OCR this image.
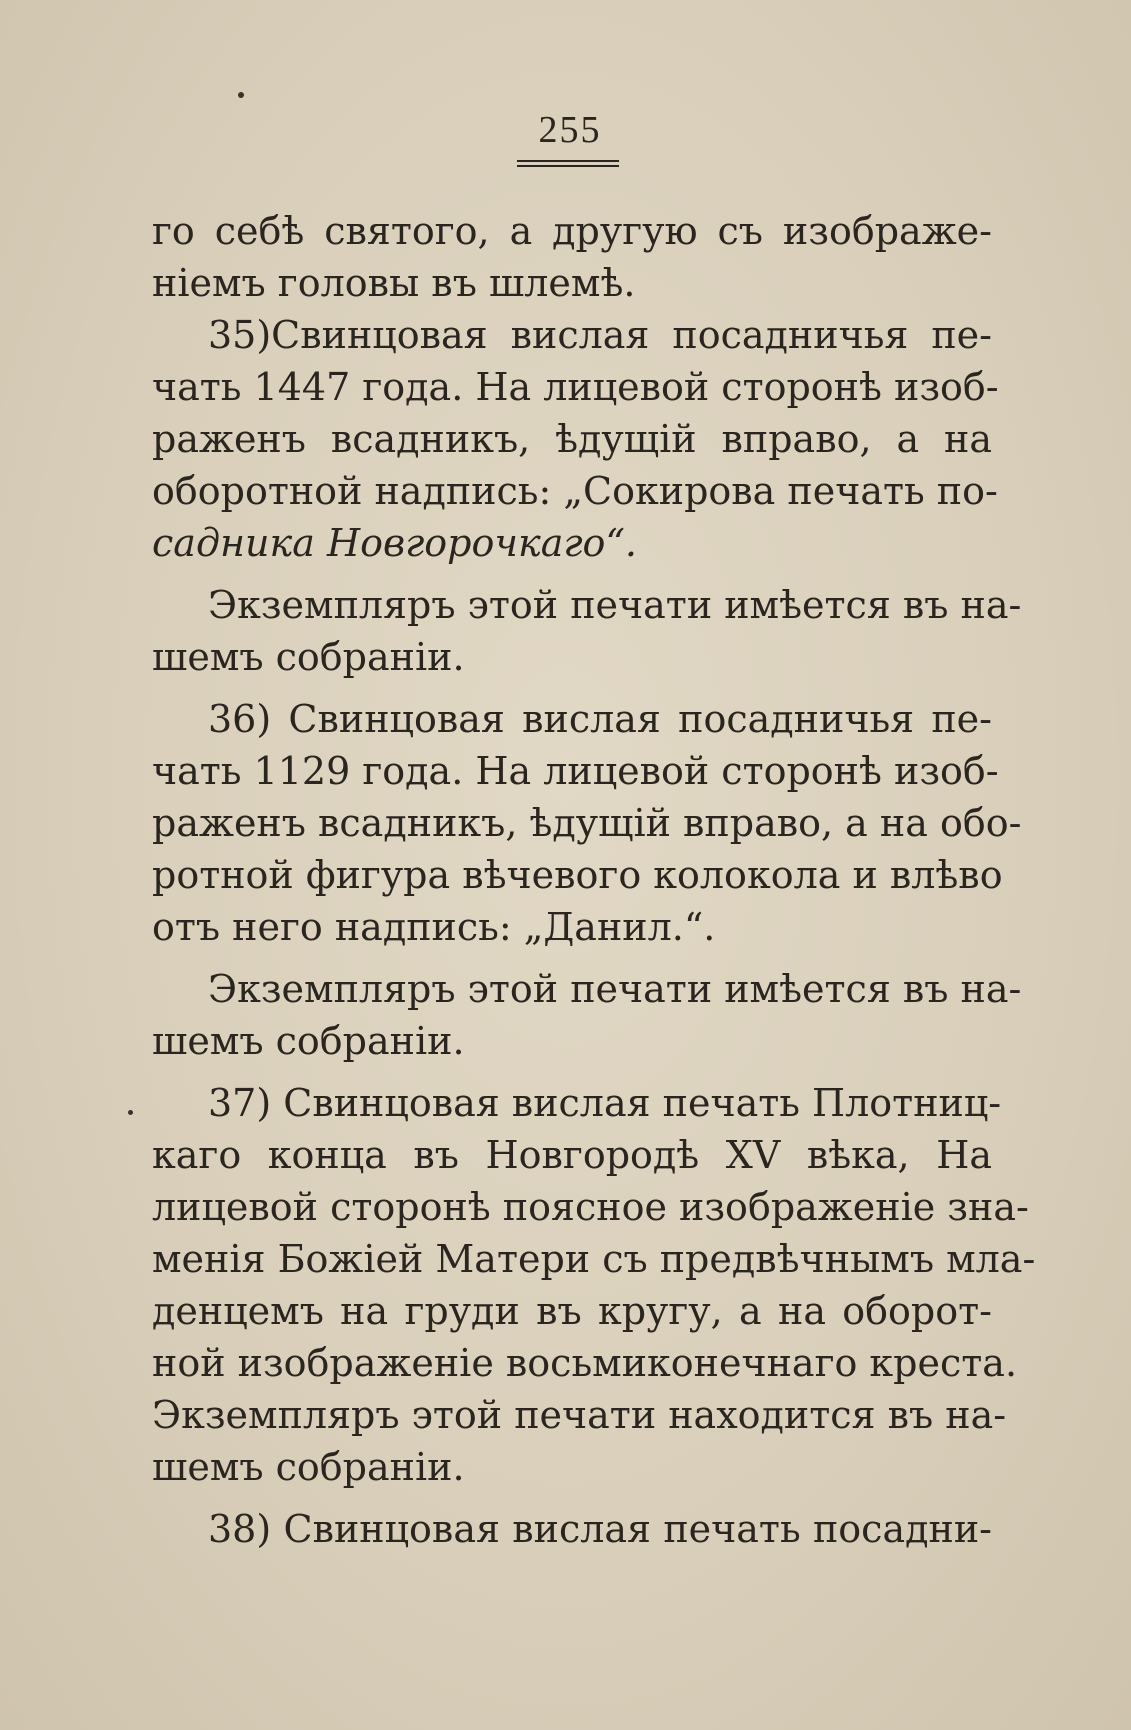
255
го себѣ святого, а другую съ изображе-
ніемъ головы въ шлемѣ.
35)Свинцовая вислая посадничья пе-
чать 1447 года. На лицевой сторонѣ изоб-
раженъ всадникъ, ѣдущій вправо, а на
оборотной надпись: „Сокирова печать по-
садника Новгорочкаго“.
Экземпляръ этой печати имѣется въ на-
шемъ собраніи.
36) Свинцовая вислая посадничья пе-
чать 1129 года. На лицевой сторонѣ изоб-
раженъ всадникъ, ѣдущій вправо, а на обо-
ротной фигура вѣчевого колокола и влѣво
отъ него надпись: „Данил.“.
Экземпляръ этой печати имѣется въ на-
шемъ собраніи.
37) Свинцовая вислая печать Плотниц-
каго конца въ Новгородѣ XV вѣка, На
лицевой сторонѣ поясное изображеніе зна-
менія Божіей Матери съ предвѣчнымъ мла-
денцемъ на груди въ кругу, а на оборот-
ной изображеніе восьмиконечнаго креста.
Экземпляръ этой печати находится въ на-
шемъ собраніи.
38) Свинцовая вислая печать посадни-
